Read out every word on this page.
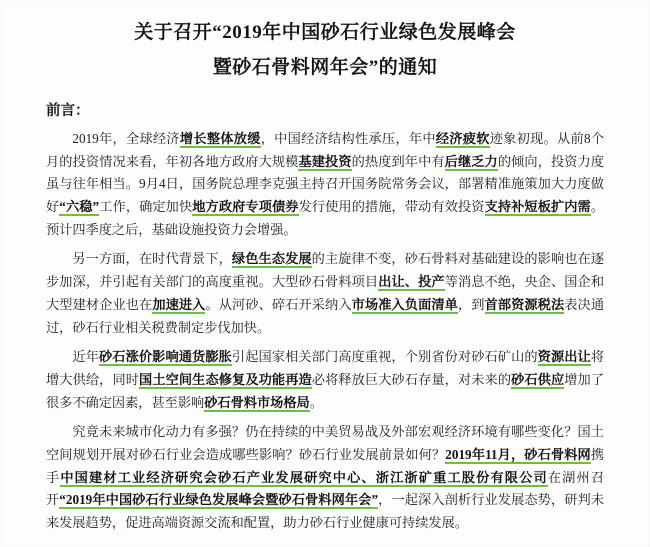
关于召开“2019年中国砂石行业绿色发展峰会
暨砂石骨料网年会”的通知
前言：

2019年，全球经济增长整体放缓，中国经济结构性承压，年中经济疲软迹象初现。从前8个月的投资情况来看，年初各地方政府大规模基建投资的热度到年中有后继乏力的倾向，投资力度虽与往年相当。9月4日，国务院总理李克强主持召开国务院常务会议，部署精准施策加大力度做好“六稳”工作，确定加快地方政府专项债券发行使用的措施，带动有效投资支持补短板扩内需。预计四季度之后，基础设施投资力会增强。

另一方面，在时代背景下，绿色生态发展的主旋律不变，砂石骨料对基础建设的影响也在逐步加深，并引起有关部门的高度重视。大型砂石骨料项目出让、投产等消息不绝，央企、国企和大型建材企业也在加速进入。从河砂、碎石开采纳入市场准入负面清单，到首部资源税法表决通过，砂石行业相关税费制定步伐加快。

近年砂石涨价影响通货膨胀引起国家相关部门高度重视，个别省份对砂石矿山的资源出让将增大供给，同时国土空间生态修复及功能再造必将释放巨大砂石存量，对未来的砂石供应增加了很多不确定因素，甚至影响砂石骨料市场格局。

究竟未来城市化动力有多强？仍在持续的中美贸易战及外部宏观经济环境有哪些变化？国土空间规划开展对砂石行业会造成哪些影响？砂石行业发展前景如何？2019年11月，砂石骨料网携手中国建材工业经济研究会砂石产业发展研究中心、浙江浙矿重工股份有限公司在湖州召开“2019年中国砂石行业绿色发展峰会暨砂石骨料网年会”，一起深入剖析行业发展态势，研判未来发展趋势，促进高端资源交流和配置，助力砂石行业健康可持续发展。
